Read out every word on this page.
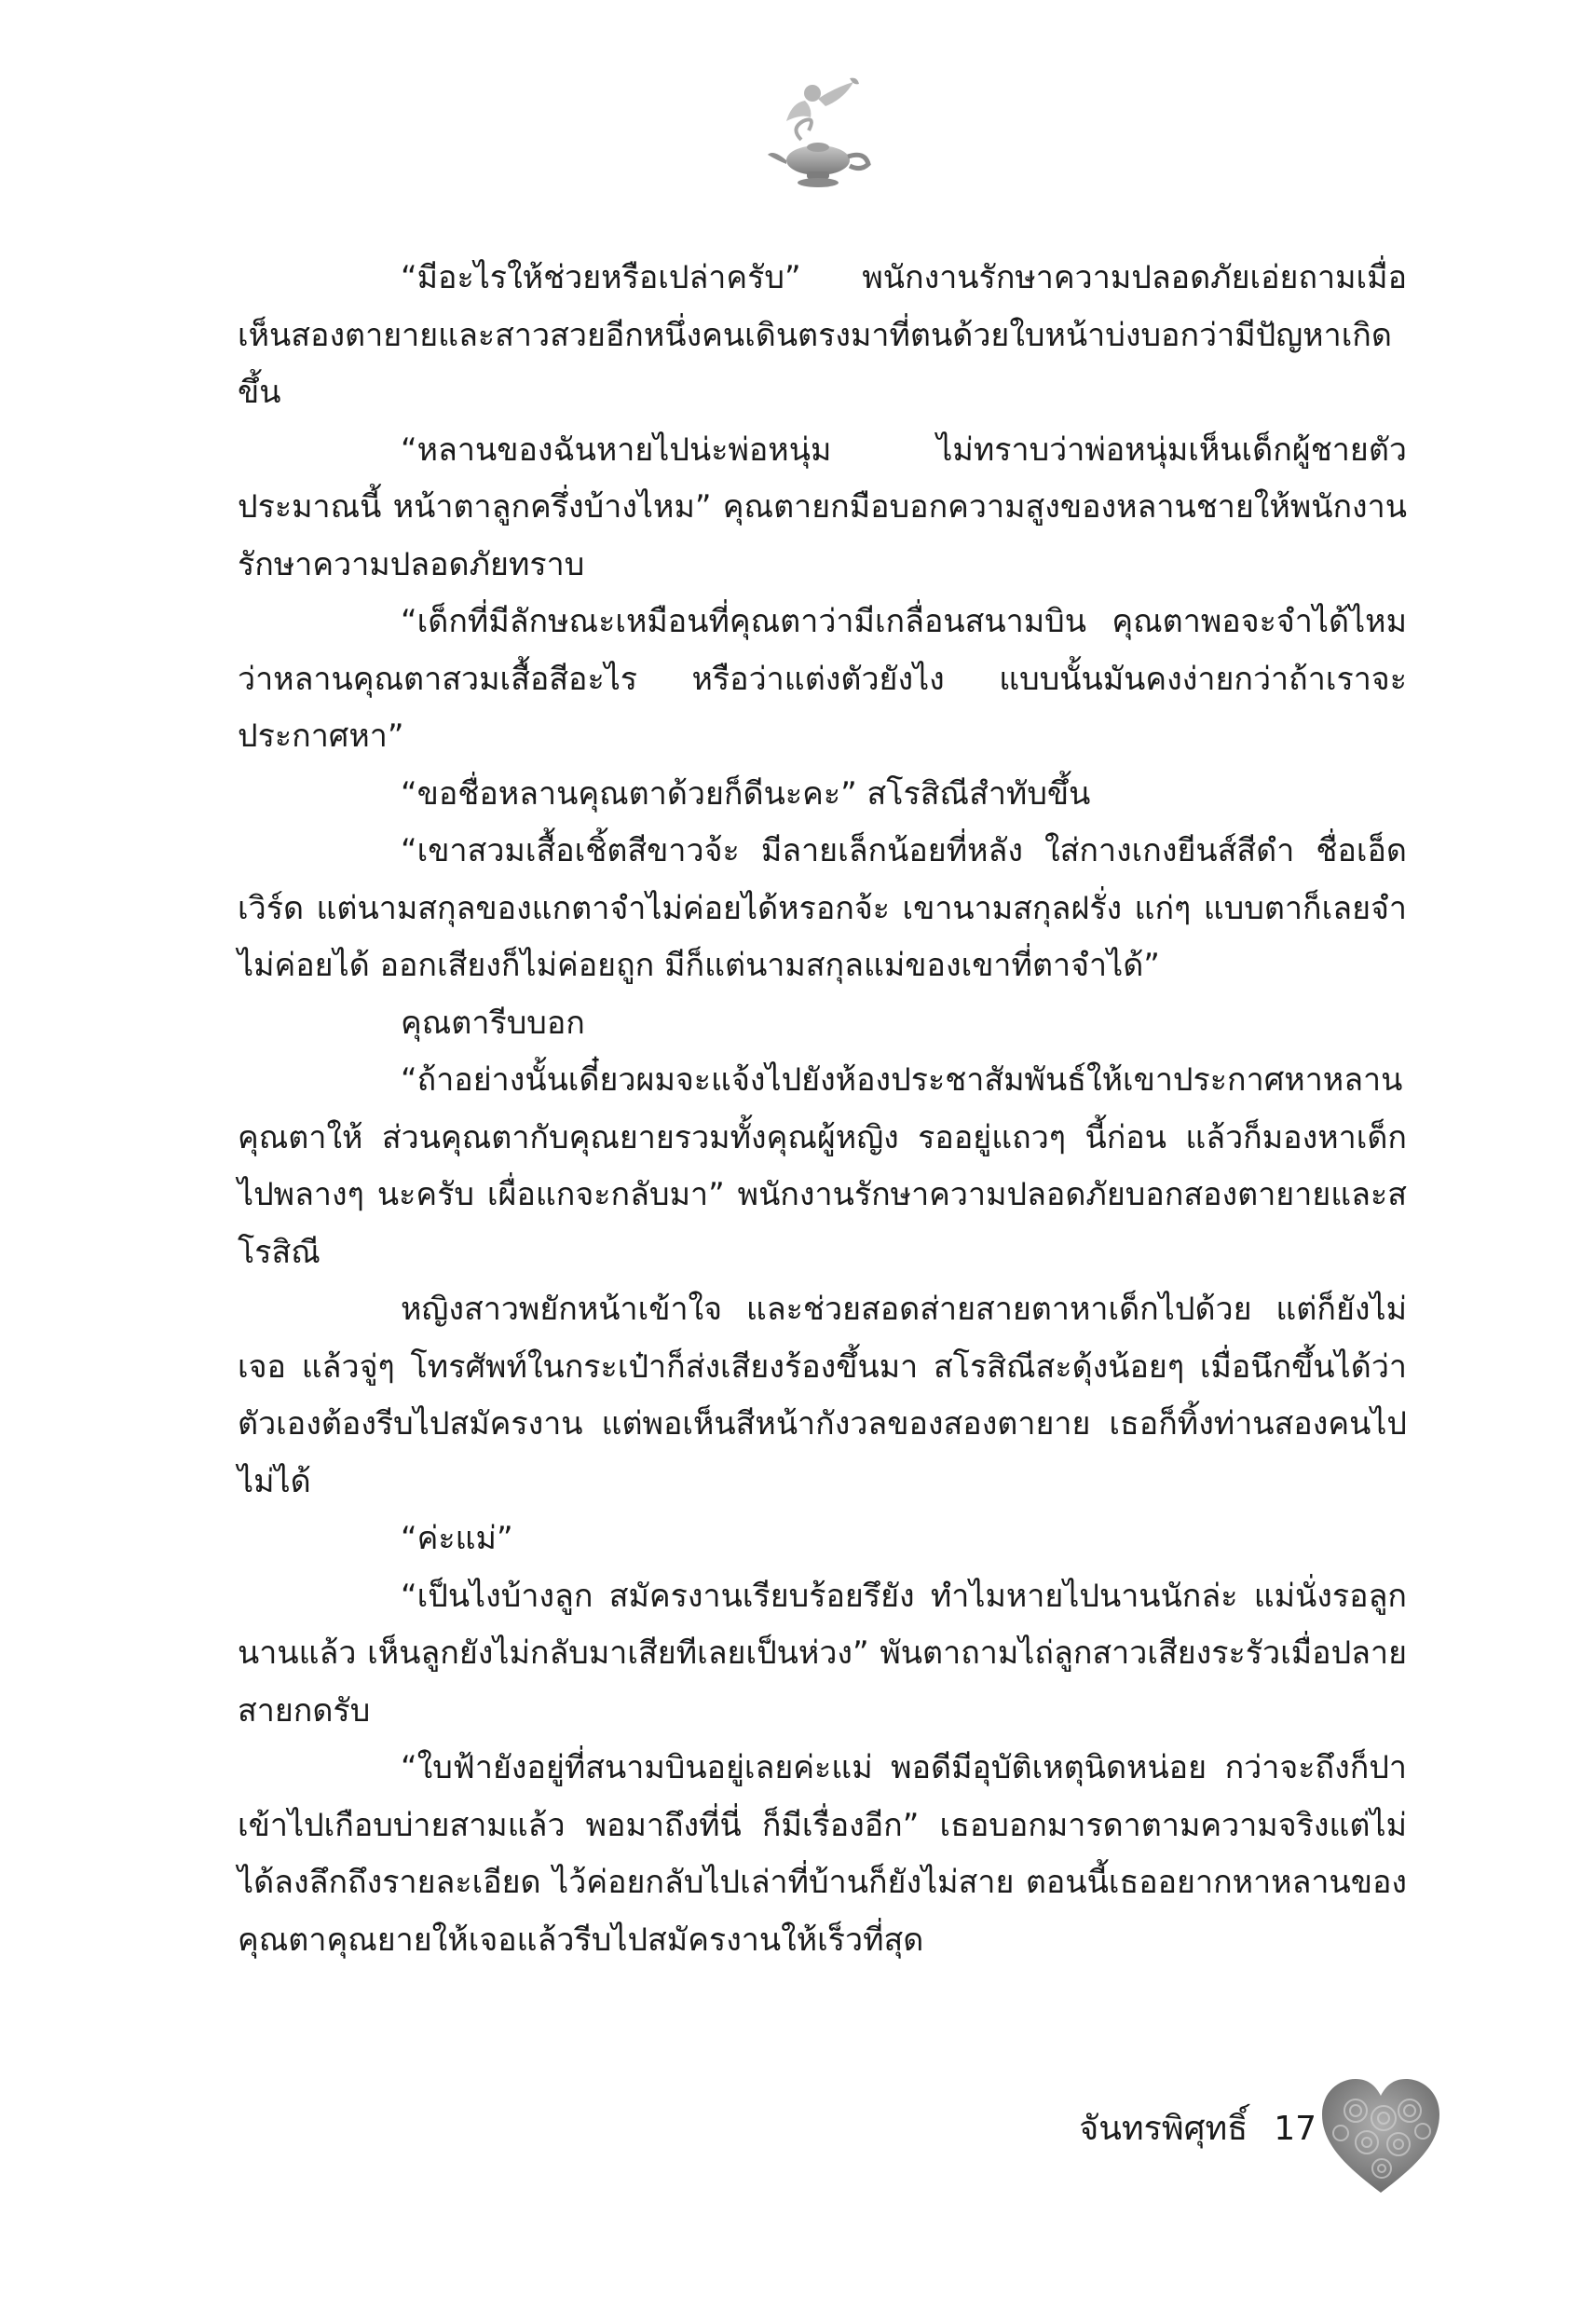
“มีอะไรให้ช่วยหรือเปล่าครับ” พนักงานรักษาความปลอดภัยเอ่ยถามเมื่อเห็นสองตายายและสาวสวยอีกหนึ่งคนเดินตรงมาที่ตนด้วยใบหน้าบ่งบอกว่ามีปัญหาเกิดขึ้น

“หลานของฉันหายไปน่ะพ่อหนุ่ม ไม่ทราบว่าพ่อหนุ่มเห็นเด็กผู้ชายตัวประมาณนี้ หน้าตาลูกครึ่งบ้างไหม” คุณตายกมือบอกความสูงของหลานชายให้พนักงานรักษาความปลอดภัยทราบ

“เด็กที่มีลักษณะเหมือนที่คุณตาว่ามีเกลื่อนสนามบิน คุณตาพอจะจำได้ไหมว่าหลานคุณตาสวมเสื้อสีอะไร หรือว่าแต่งตัวยังไง แบบนั้นมันคงง่ายกว่าถ้าเราจะประกาศหา”

“ขอชื่อหลานคุณตาด้วยก็ดีนะคะ” สโรสิณีสำทับขึ้น

“เขาสวมเสื้อเชิ้ตสีขาวจ้ะ มีลายเล็กน้อยที่หลัง ใส่กางเกงยีนส์สีดำ ชื่อเอ็ดเวิร์ด แต่นามสกุลของแกตาจำไม่ค่อยได้หรอกจ้ะ เขานามสกุลฝรั่ง แก่ๆ แบบตาก็เลยจำไม่ค่อยได้ ออกเสียงก็ไม่ค่อยถูก มีก็แต่นามสกุลแม่ของเขาที่ตาจำได้”

คุณตารีบบอก

“ถ้าอย่างนั้นเดี๋ยวผมจะแจ้งไปยังห้องประชาสัมพันธ์ให้เขาประกาศหาหลานคุณตาให้ ส่วนคุณตากับคุณยายรวมทั้งคุณผู้หญิง รออยู่แถวๆ นี้ก่อน แล้วก็มองหาเด็กไปพลางๆ นะครับ เผื่อแกจะกลับมา” พนักงานรักษาความปลอดภัยบอกสองตายายและสโรสิณี

หญิงสาวพยักหน้าเข้าใจ และช่วยสอดส่ายสายตาหาเด็กไปด้วย แต่ก็ยังไม่เจอ แล้วจู่ๆ โทรศัพท์ในกระเป๋าก็ส่งเสียงร้องขึ้นมา สโรสิณีสะดุ้งน้อยๆ เมื่อนึกขึ้นได้ว่าตัวเองต้องรีบไปสมัครงาน แต่พอเห็นสีหน้ากังวลของสองตายาย เธอก็ทิ้งท่านสองคนไปไม่ได้

“ค่ะแม่”

“เป็นไงบ้างลูก สมัครงานเรียบร้อยรึยัง ทำไมหายไปนานนักล่ะ แม่นั่งรอลูกนานแล้ว เห็นลูกยังไม่กลับมาเสียทีเลยเป็นห่วง” พันตาถามไถ่ลูกสาวเสียงระรัวเมื่อปลายสายกดรับ

“ใบฟ้ายังอยู่ที่สนามบินอยู่เลยค่ะแม่ พอดีมีอุบัติเหตุนิดหน่อย กว่าจะถึงก็ปาเข้าไปเกือบบ่ายสามแล้ว พอมาถึงที่นี่ ก็มีเรื่องอีก” เธอบอกมารดาตามความจริงแต่ไม่ได้ลงลึกถึงรายละเอียด ไว้ค่อยกลับไปเล่าที่บ้านก็ยังไม่สาย ตอนนี้เธออยากหาหลานของคุณตาคุณยายให้เจอแล้วรีบไปสมัครงานให้เร็วที่สุด

จันทรพิศุทธิ์ 17
